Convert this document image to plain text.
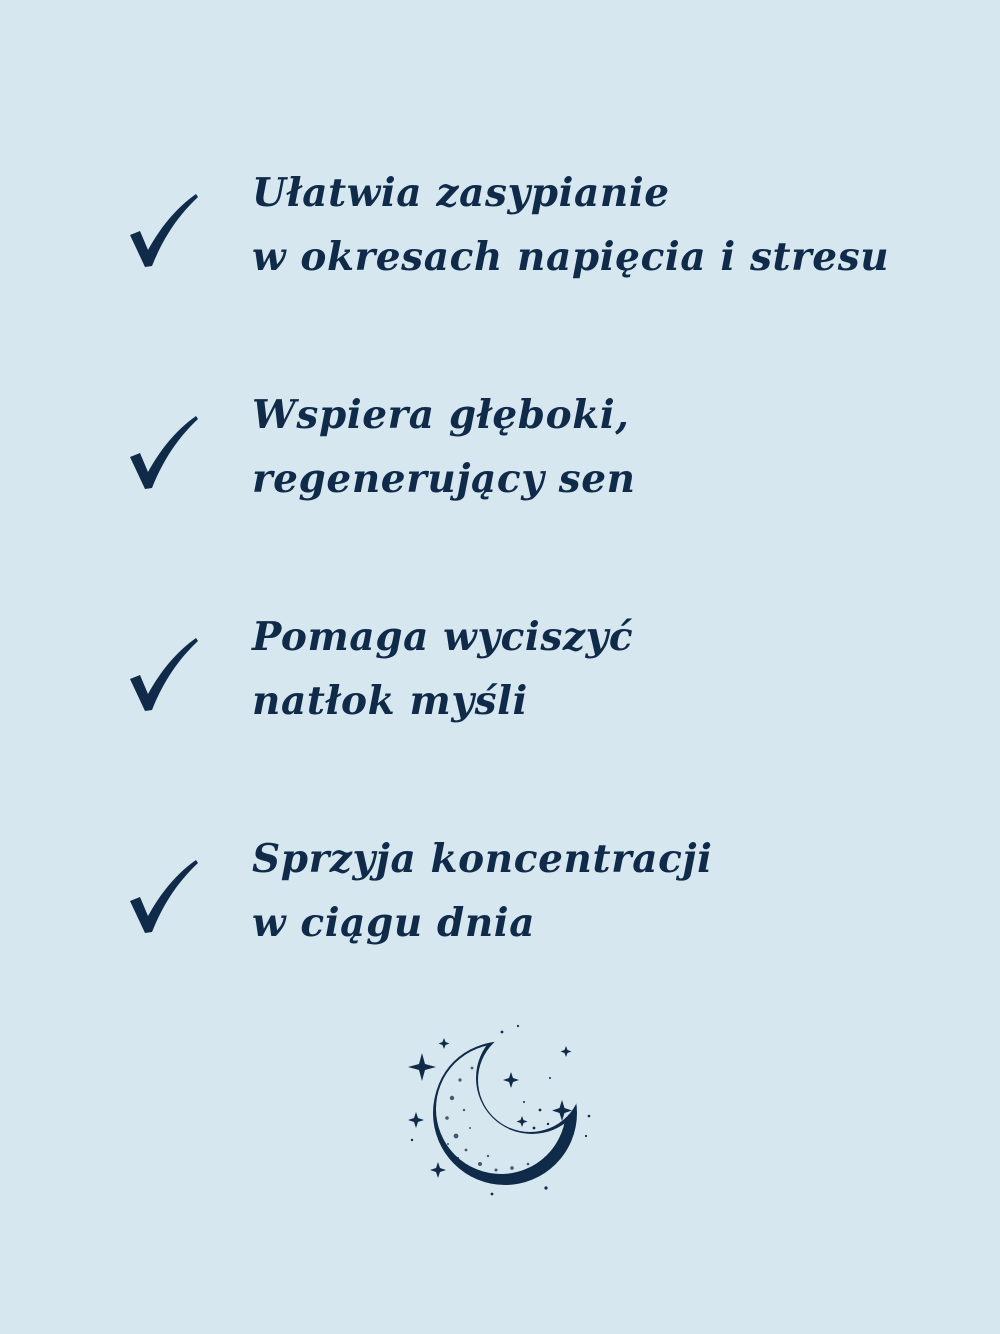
Ułatwia zasypianie
w okresach napięcia i stresu
Wspiera głęboki,
regenerujący sen
Pomaga wyciszyć
natłok myśli
Sprzyja koncentracji
w ciągu dnia
